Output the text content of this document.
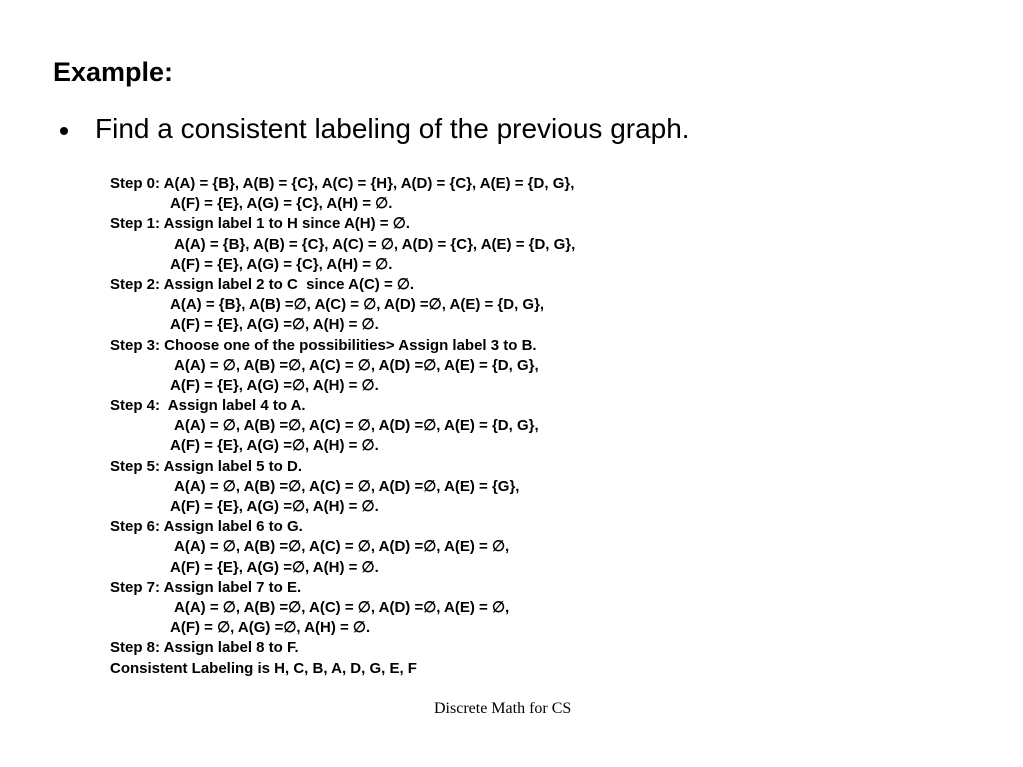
Example:
Find a consistent labeling of the previous graph.
Step 0: A(A) = {B}, A(B) = {C}, A(C) = {H}, A(D) = {C}, A(E) = {D, G},
A(F) = {E}, A(G) = {C}, A(H) = ∅.
Step 1: Assign label 1 to H since A(H) = ∅.
A(A) = {B}, A(B) = {C}, A(C) = ∅, A(D) = {C}, A(E) = {D, G},
A(F) = {E}, A(G) = {C}, A(H) = ∅.
Step 2: Assign label 2 to C  since A(C) = ∅.
A(A) = {B}, A(B) =∅, A(C) = ∅, A(D) =∅, A(E) = {D, G},
A(F) = {E}, A(G) =∅, A(H) = ∅.
Step 3: Choose one of the possibilities> Assign label 3 to B.
A(A) = ∅, A(B) =∅, A(C) = ∅, A(D) =∅, A(E) = {D, G},
A(F) = {E}, A(G) =∅, A(H) = ∅.
Step 4:  Assign label 4 to A.
A(A) = ∅, A(B) =∅, A(C) = ∅, A(D) =∅, A(E) = {D, G},
A(F) = {E}, A(G) =∅, A(H) = ∅.
Step 5: Assign label 5 to D.
A(A) = ∅, A(B) =∅, A(C) = ∅, A(D) =∅, A(E) = {G},
A(F) = {E}, A(G) =∅, A(H) = ∅.
Step 6: Assign label 6 to G.
A(A) = ∅, A(B) =∅, A(C) = ∅, A(D) =∅, A(E) = ∅,
A(F) = {E}, A(G) =∅, A(H) = ∅.
Step 7: Assign label 7 to E.
A(A) = ∅, A(B) =∅, A(C) = ∅, A(D) =∅, A(E) = ∅,
A(F) = ∅, A(G) =∅, A(H) = ∅.
Step 8: Assign label 8 to F.
Consistent Labeling is H, C, B, A, D, G, E, F
Discrete Math for CS
